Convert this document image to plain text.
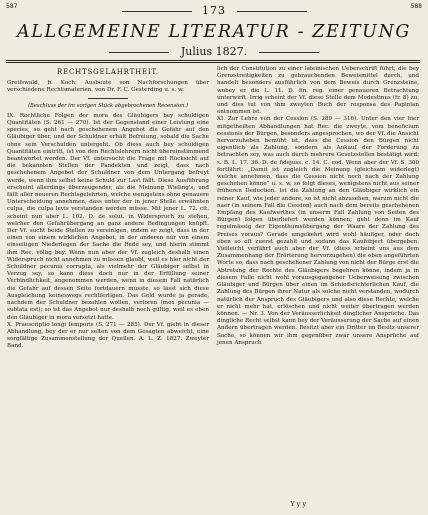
587	588
173
ALLGEMEINE LITERATUR - ZEITUNG
Julius 1827.
RECHTSGELAHRTHEIT.

Greifswald, b. Koch: Ausbeute von Nachforschungen über verschiedene Rechtsmaterien, von Dr. F. C. Gesterding u. s. w.

(Beschluss der im vorigen Stück abgebrochenen Recension.)

IX. Rechtliche Folgen der mora des Gläubigers bey schuldigen Quantitäten (S. 261 — 270). Ist der Gegenstand einer Leistung eine species, so geht nach geschehenem Angebot die Gefahr auf den Gläubiger über, und der Schuldner erhält Befreiung, sobald die Sache ohne sein Verschulden untergeht. Ob diess auch bey schuldigen Quantitäten eintritt, ist von den Rechtslehrern nicht übereinstimmend beantwortet worden. Der Vf. untersucht die Frage mit Rücksicht auf die bekannten Stellen der Pandekten und zeigt, dass nach geschehenem Angebot der Schuldner von dem Untergang befreyt werde, wenn ihm selbst keine Schuld zur Last fällt. Diese Ausführung erscheint allerdings überzeugender, als die Meinung Wieling's, und fällt aller neueren Rechtsgelehrten, welche wenigstens ohne genauere Unterscheidung annehmen, dass unter der in jener Stelle erwähnten culpa, die culpa levis verstanden werden müsse. Mit jener L. 72. cit. scheint nun aber L. 102. D. de solut. in Widerspruch zu stehen, welcher den Gefahrübergang an ganz andere Bedingungen knüpft. Der Vf. sucht beide Stellen zu vereinigen, indem er zeigt, dass in der einen von einem wirklichen Angebot, in der anderen nur von einem einseitigen Niederlegen der Sache die Rede sey, und hierin stimmt ihm Rec. völlig bey. Wenn nun aber der Vf. zugleich deshalb einen Widerspruch nicht annehmen zu müssen glaubt, weil es hier nicht der Schuldner pecunia corrupta, als vielmehr der Gläubiger selbst in Verzug sey, so kann diess doch nur in der Erfüllung seiner Verbindlichkeit, angenommen werden, wenn in diesem Fall natürlich die Gefahr auf dessen Seite fortdauern musste, so lässt sich diese Ausgleichung keineswegs rechtfertigen. Das Geld wurde ja gerade, nachdem der Schuldner bezahlen wollen, verloren (mox pecunia — sublata est); so ist das Angebot nur deshalb noch gültig, weil es eben den Gläubiger in mora versetzt hatte.

X. Praescriptio longi temporis (S. 271 — 285). Der Vf. giebt in dieser Abhandlung, bey der er nur selten von dem Gesagten abweicht, eine sorgfältige Zusammenstellung der Quellen. A. L. Z. 1827. Zweyter Band.

lich der Constitution zu einer lateinischen Ueberschrift führt, die bey Grenzstreitigkeiten zu gebrauchenden Beweismittel durch, und handelt besonders ausführlich von dem Beweis durch Grenzsteine, wobey er die L. 11. D. fin. reg. einer genaueren Betrachtung unterwirft. Irrig scheint der Vf. diese Stelle dem Modestinus (fr. 8) zu, und dies tut von ihm zweyten Buch der responsa des Papinian entnommen ist.

XI. Zur Lehre von der Cession (S. 289 — 316). Unter den vier hier mitgetheilten Abhandlungen hat Rec. die zweyte, vom beneficium cessionis der Bürgen, besonders angesprochen, wo der Vf. die Ansicht hervorzuheben bemüht ist, dass die Cession den Bürgen nicht eigentlich als Zahlung, sondern als Ankauf der Forderung zu betrachten sey, was auch durch mehrere Gesetzstellen bestätigt wird; s. B. L. 17. 36. D. de fidejuss. c. 14. C. eod. Wenn aber der Vf. S. 300 fortfährt: „Damit ist zugleich die Meinung (gleichsam widerlegt) welche annehmen, dass die Cession nicht noch nach der Zahlung geschehen könne“ u. s. w. so folgt dieses, wenigstens nicht aus seiner früheren Deduction. Ist die Zahlung an den Gläubiger wirklich ein reiner Kauf, wie jeder andere, so ist nicht abzusehen, warum nicht die naer (in seinem Fall die Cession) auch nach dem bereits geschehenen Empfang des Kaufwerthes (in unserm Fall Zahlung von Seiten des Bürgen) folgen überliefert werden können; geht denn im Kauf regelmässig der Eigenthumsübergang der Waare der Zahlung des Preises voraus? Gerade umgekehrt wird wohl häufiger, oder doch eben so oft zuerst gezahlt und sodann das Kaufobject übergeben. Vielleicht verfährt auch aber der Vf. (diess scheint uns aus dem Zusammenhang der Erörterung hervorzugehen) die oben angeführten Worte so, dass nach geschehener Zahlung von nicht der Bürge erst die Abtretung der Rechte des Gläubigers begehren könne, indem ja in diesem Falle nicht wohl vorausgegangener Ueberweisung zwischen Gläubiger und Bürgen über einen im Schiedsrichterlichen Kauf, die Zahlung des Bürgen ihrer Natur als solche nicht verstanden, wodurch natürlich der Anspruch des Gläubigers und also diese Rechte, welche er nicht mehr hat, erlöschen und nicht weiter übertragen werden können. — Nr. 3. Von der Veräusserlichkeit dinglicher Ansprüche. Das dingliche Recht selbst kann bey der Veräusserung der Sache auf einen Andern übertragen werden. Besitzt aber ein Dritter im Besitz unserer Sache, so können wir ihm gegenüber zwar unsere Ansprüche auf jenen Anspruch

Yyy
